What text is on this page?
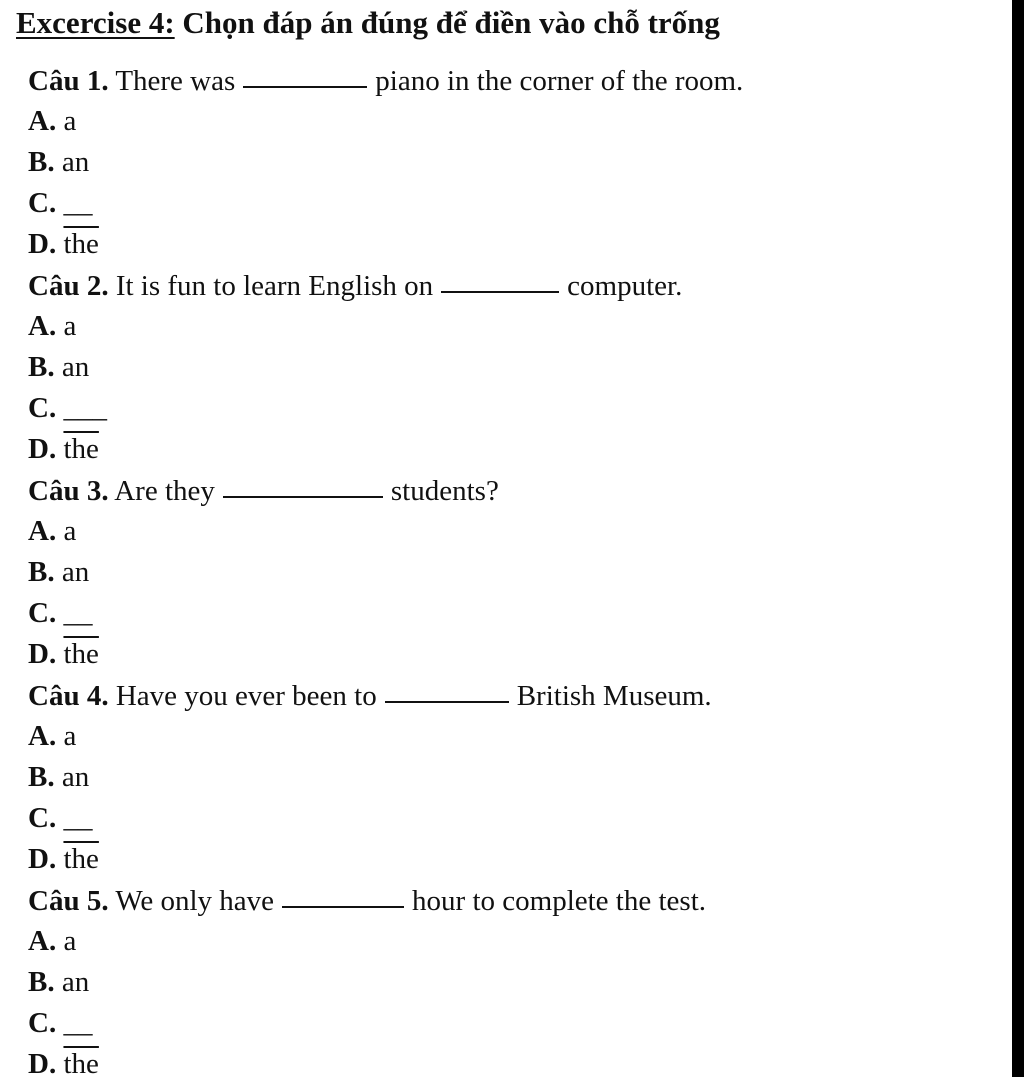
Excercise 4: Chọn đáp án đúng để điền vào chỗ trống
Câu 1. There was	piano in the corner of the room.
A. a
B. an
C. __
D. $\overline{the}$
Câu 2. It is fun to learn English on	computer.
A. a
B. an
C. ___
D. $\overline{the}$
Câu 3. Are they	students?
A. a
B. an
C. __
D. $\overline{the}$
Câu 4. Have you ever been to	British Museum.
A. a
B. an
C. __
D. $\overline{the}$
Câu 5. We only have	hour to complete the test.
A. a
B. an
C. __
D. $\overline{the}$
